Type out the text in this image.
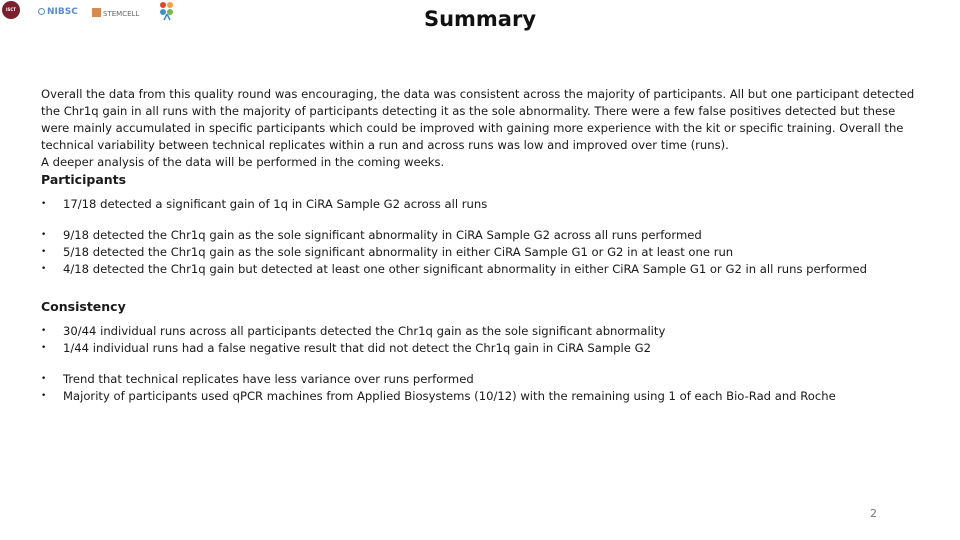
ISCT	NIBSC	STEMCELL	Summary

Overall the data from this quality round was encouraging, the data was consistent across the majority of participants. All but one participant detected the Chr1q gain in all runs with the majority of participants detecting it as the sole abnormality. There were a few false positives detected but these were mainly accumulated in specific participants which could be improved with gaining more experience with the kit or specific training. Overall the technical variability between technical replicates within a run and across runs was low and improved over time (runs).

A deeper analysis of the data will be performed in the coming weeks.

Participants
• 17/18 detected a significant gain of 1q in CiRA Sample G2 across all runs
• 9/18 detected the Chr1q gain as the sole significant abnormality in CiRA Sample G2 across all runs performed
• 5/18 detected the Chr1q gain as the sole significant abnormality in either CiRA Sample G1 or G2 in at least one run
• 4/18 detected the Chr1q gain but detected at least one other significant abnormality in either CiRA Sample G1 or G2 in all runs performed
Consistency
• 30/44 individual runs across all participants detected the Chr1q gain as the sole significant abnormality
• 1/44 individual runs had a false negative result that did not detect the Chr1q gain in CiRA Sample G2
• Trend that technical replicates have less variance over runs performed
• Majority of participants used qPCR machines from Applied Biosystems (10/12) with the remaining using 1 of each Bio-Rad and Roche
2
